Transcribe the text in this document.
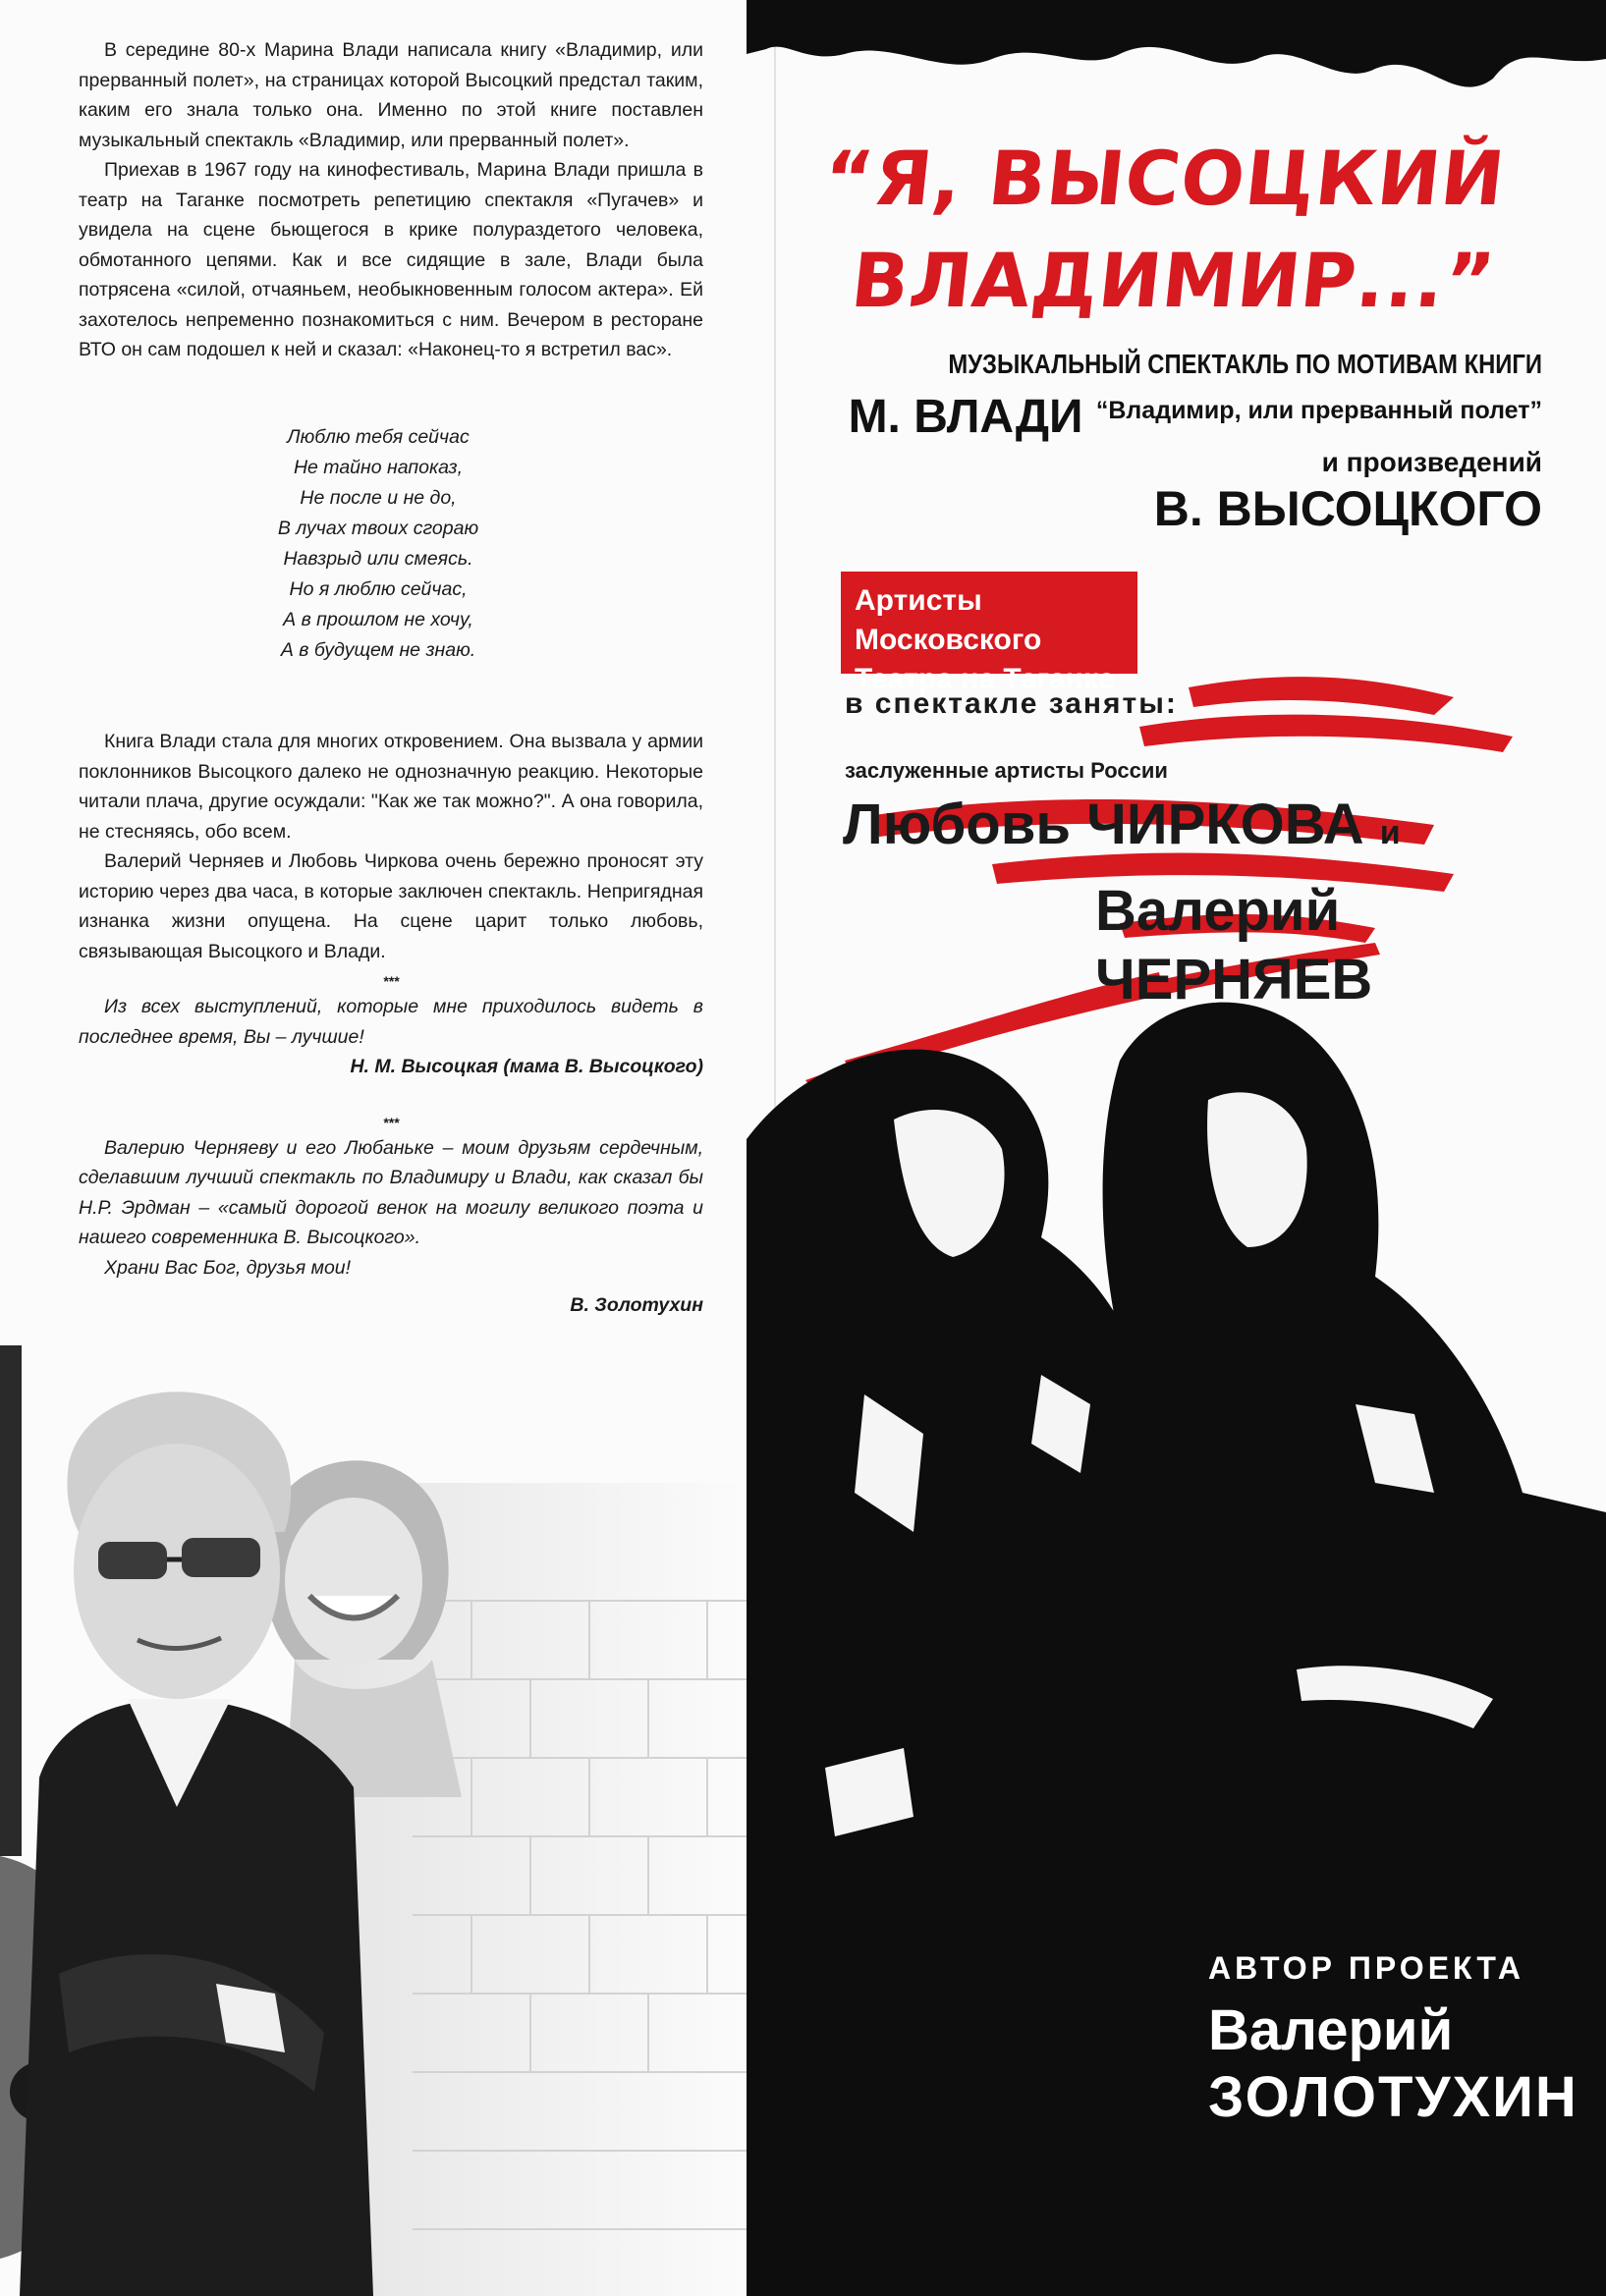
В середине 80-х Марина Влади написала книгу «Владимир, или прерванный полет», на страницах которой Высоцкий предстал таким, каким его знала только она. Именно по этой книге поставлен музыкальный спектакль «Владимир, или прерванный полет».

Приехав в 1967 году на кинофестиваль, Марина Влади пришла в театр на Таганке посмотреть репетицию спектакля «Пугачев» и увидела на сцене бьющегося в крике полураздетого человека, обмотанного цепями. Как и все сидящие в зале, Влади была потрясена «силой, отчаяньем, необыкновенным голосом актера». Ей захотелось непременно познакомиться с ним. Вечером в ресторане ВТО он сам подошел к ней и сказал: «Наконец-то я встретил вас».

Люблю тебя сейчас
Не тайно напоказ,
Не после и не до,
В лучах твоих сгораю
Навзрыд или смеясь.
Но я люблю сейчас,
А в прошлом не хочу,
А в будущем не знаю.

Книга Влади стала для многих откровением. Она вызвала у армии поклонников Высоцкого далеко не однозначную реакцию. Некоторые читали плача, другие осуждали: "Как же так можно?". А она говорила, не стесняясь, обо всем.

Валерий Черняев и Любовь Чиркова очень бережно проносят эту историю через два часа, в которые заключен спектакль. Непригядная изнанка жизни опущена. На сцене царит только любовь, связывающая Высоцкого и Влади.

***

Из всех выступлений, которые мне приходилось видеть в последнее время, Вы – лучшие!

Н. М. Высоцкая (мама В. Высоцкого)
***

Валерию Черняеву и его Любаньке – моим друзьям сердечным, сделавшим лучший спектакль по Владимиру и Влади, как сказал бы Н.Р. Эрдман – «самый дорогой венок на могилу великого поэта и нашего современника В. Высоцкого».

Храни Вас Бог, друзья мои!

В. Золотухин
“Я, ВЫСОЦКИЙ
ВЛАДИМИР...”
МУЗЫКАЛЬНЫЙ СПЕКТАКЛЬ ПО МОТИВАМ КНИГИ
М. ВЛАДИ $^{“Владимир, или прерванный полет”}$
и произведений
В. ВЫСОЦКОГО
Артисты Московского
Театра на Таганке
в спектакле заняты:
заслуженные артисты России
Любовь ЧИРКОВА и
Валерий ЧЕРНЯЕВ
АВТОР ПРОЕКТА
Валерий
ЗОЛОТУХИН
